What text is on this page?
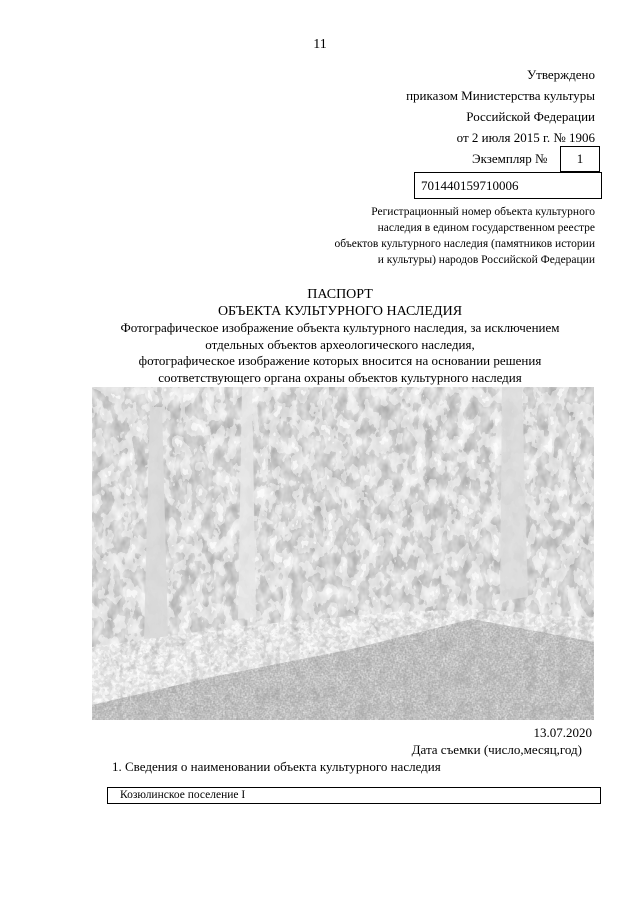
11
Утверждено
приказом Министерства культуры
Российской Федерации
от 2 июля 2015 г. № 1906
Экземпляр № 1
701440159710006
Регистрационный номер объекта культурного
наследия в едином государственном реестре
объектов культурного наследия (памятников истории
и культуры) народов Российской Федерации
ПАСПОРТ
ОБЪЕКТА КУЛЬТУРНОГО НАСЛЕДИЯ
Фотографическое изображение объекта культурного наследия, за исключением
отдельных объектов археологического наследия,
фотографическое изображение которых вносится на основании решения
соответствующего органа охраны объектов культурного наследия
13.07.2020
Дата съемки (число,месяц,год)
1. Сведения о наименовании объекта культурного наследия
Козюлинское поселение I
